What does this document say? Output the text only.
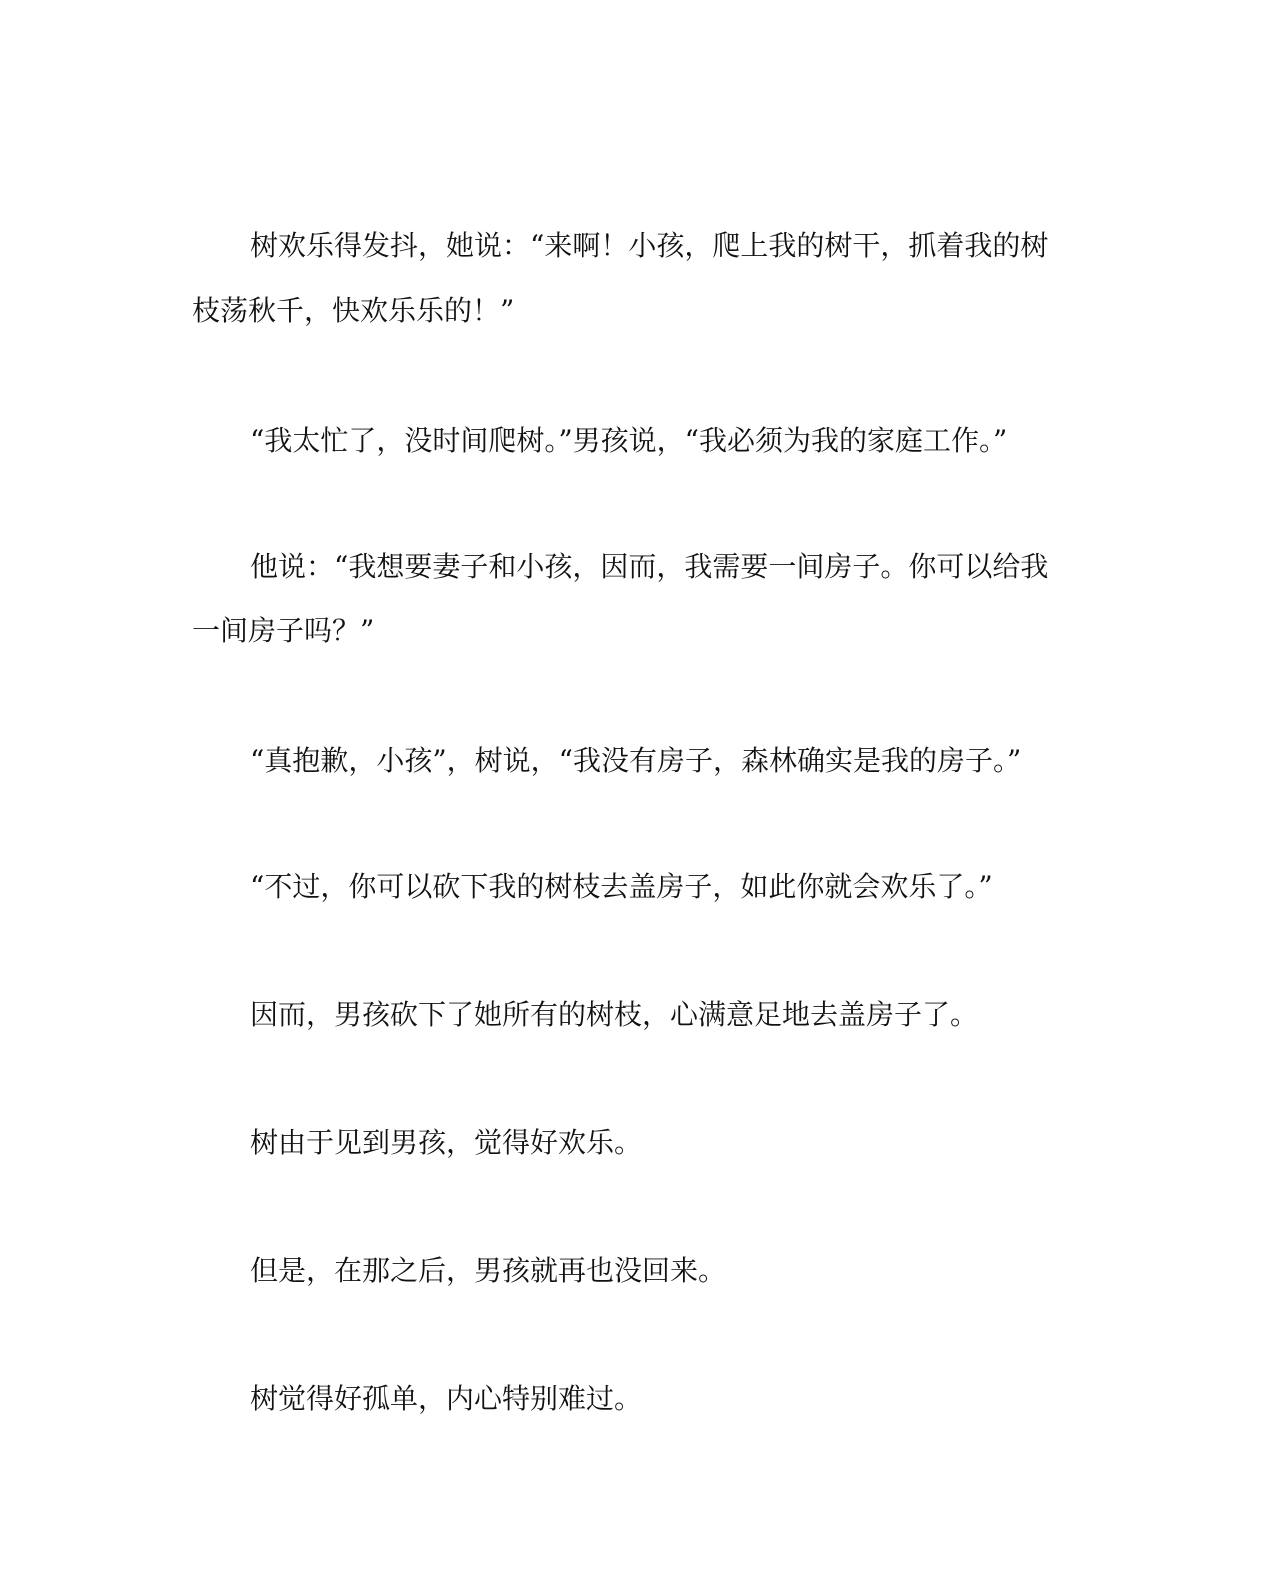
树欢乐得发抖，她说：“来啊！小孩，爬上我的树干，抓着我的树
枝荡秋千，快欢乐乐的！”
“我太忙了，没时间爬树。”男孩说，“我必须为我的家庭工作。”
他说：“我想要妻子和小孩，因而，我需要一间房子。你可以给我
一间房子吗？”
“真抱歉，小孩”，树说，“我没有房子，森林确实是我的房子。”
“不过，你可以砍下我的树枝去盖房子，如此你就会欢乐了。”
因而，男孩砍下了她所有的树枝，心满意足地去盖房子了。
树由于见到男孩，觉得好欢乐。
但是，在那之后，男孩就再也没回来。
树觉得好孤单，内心特别难过。
